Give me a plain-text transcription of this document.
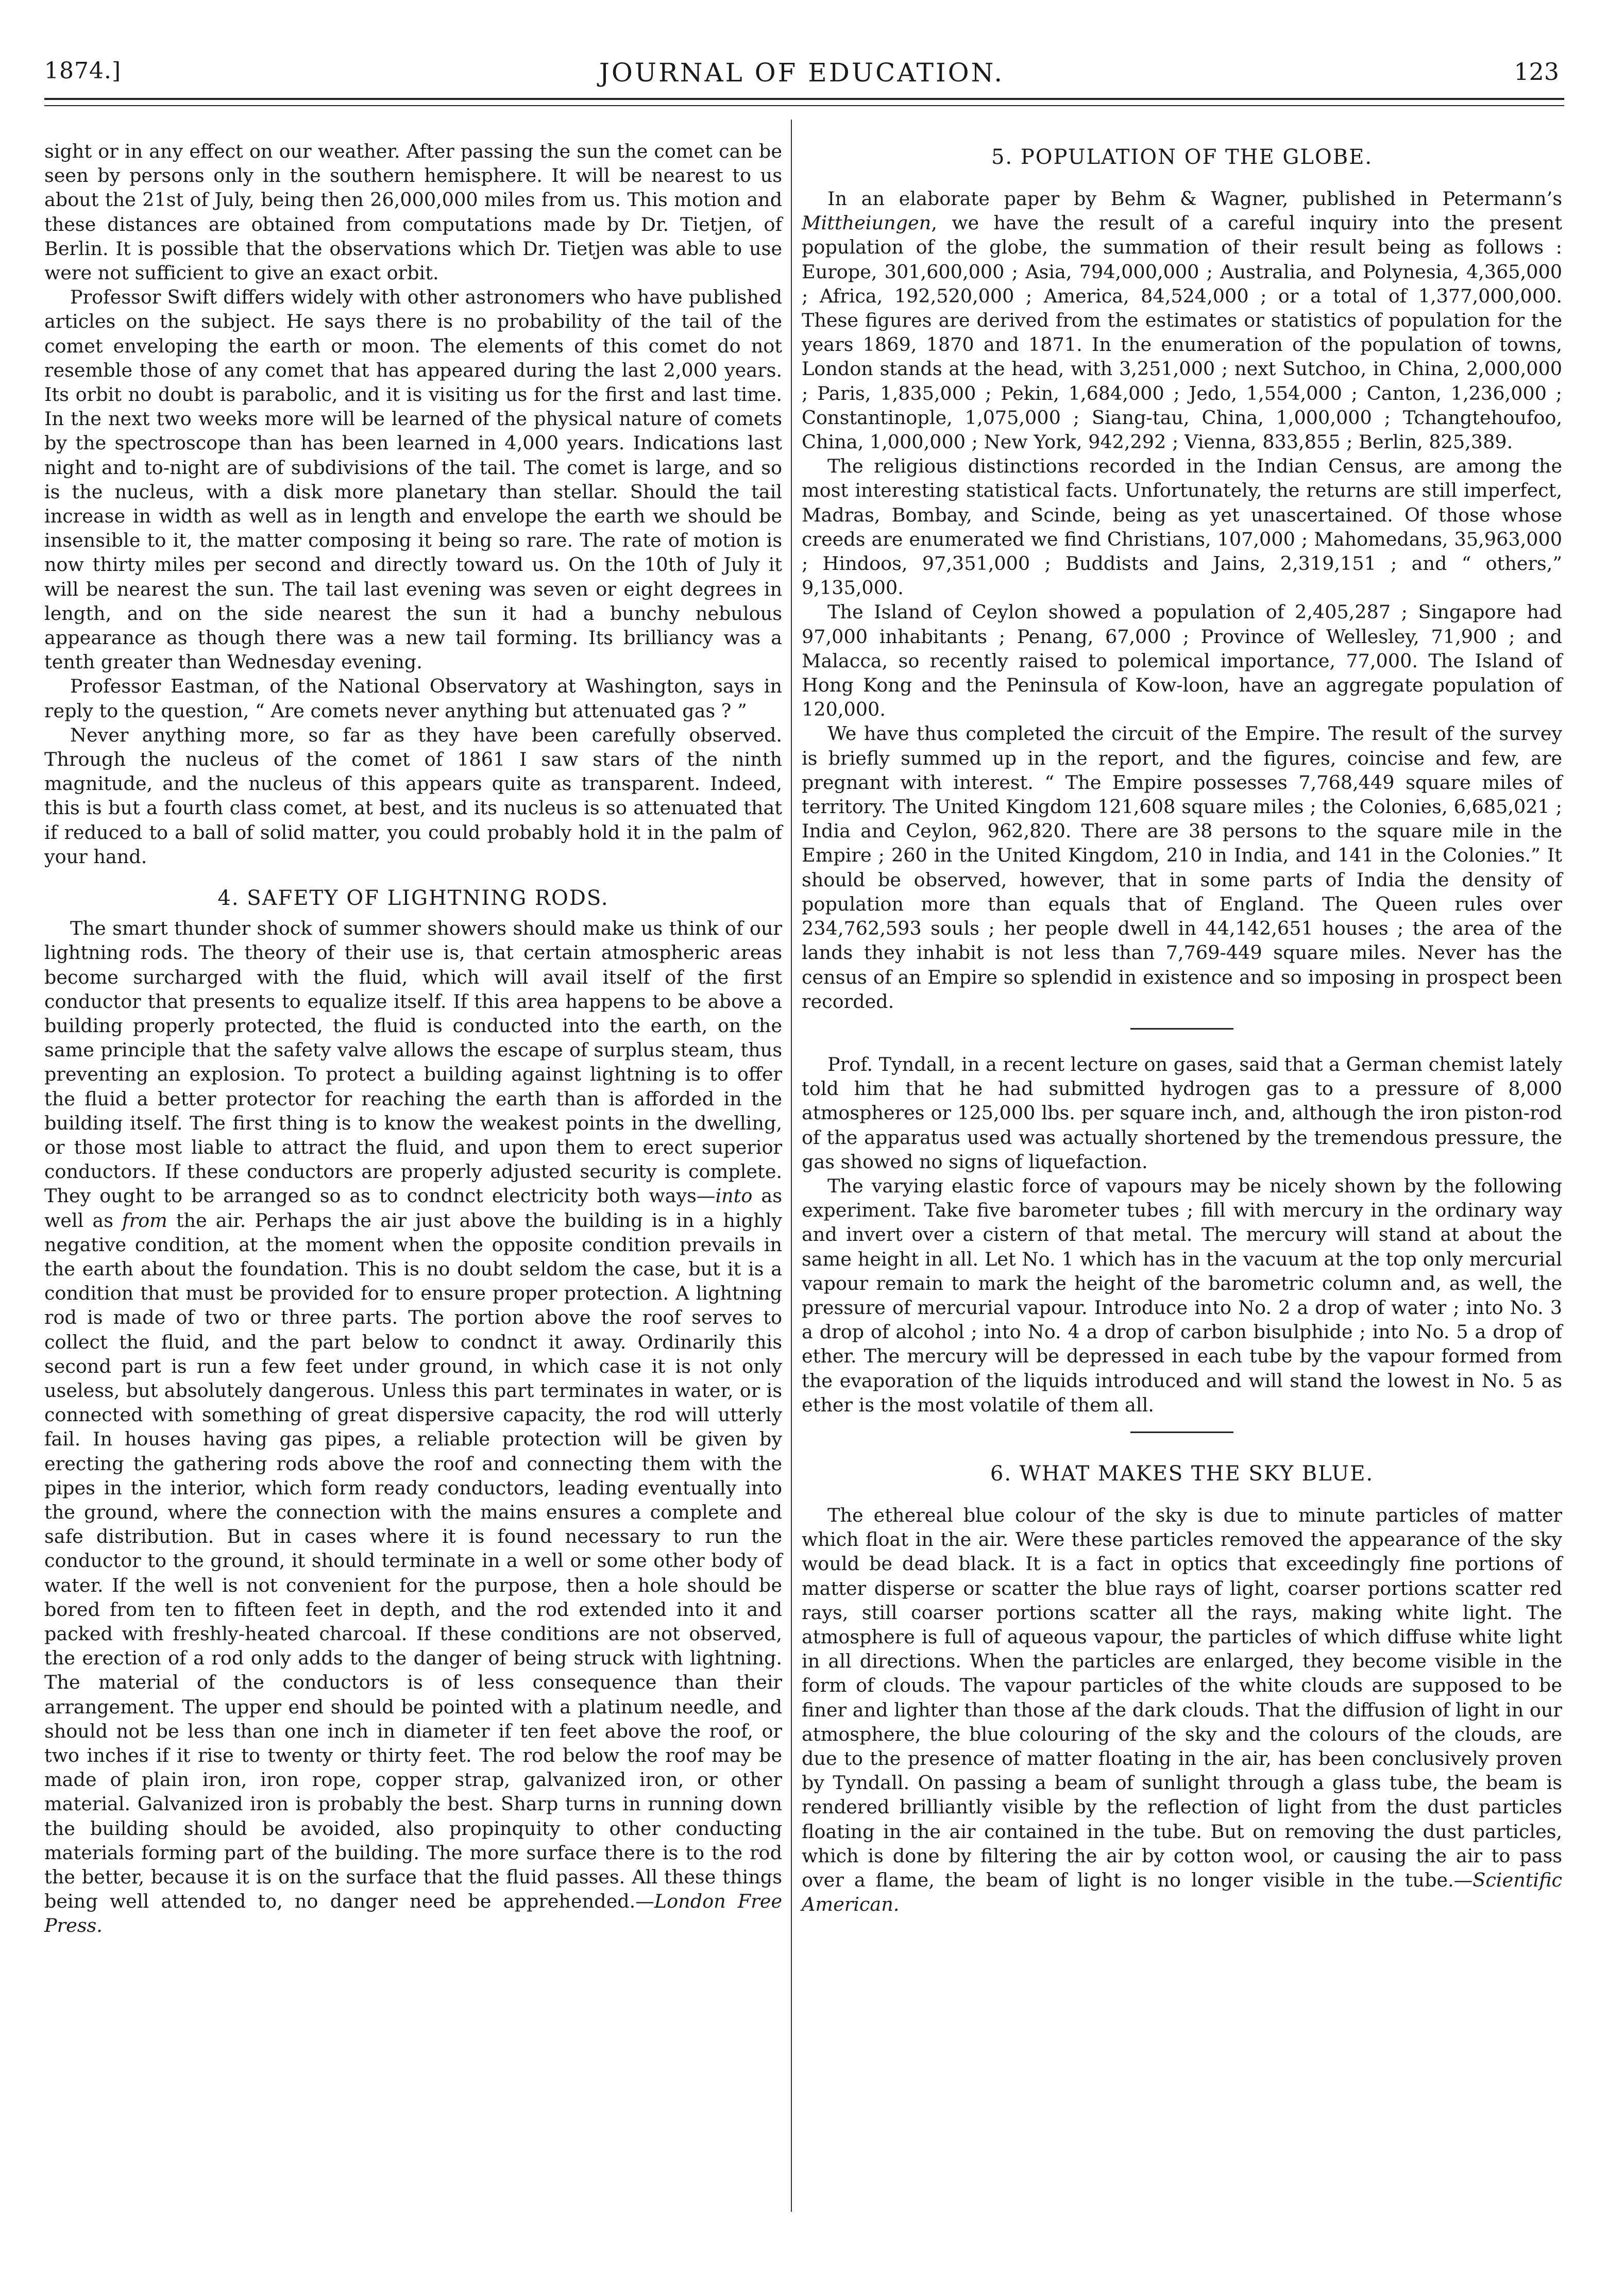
1874.]	JOURNAL OF EDUCATION.	123

sight or in any effect on our weather. After passing the sun the comet can be seen by persons only in the southern hemisphere. It will be nearest to us about the 21st of July, being then 26,000,000 miles from us. This motion and these distances are obtained from computations made by Dr. Tietjen, of Berlin. It is possible that the observations which Dr. Tietjen was able to use were not sufficient to give an exact orbit.

Professor Swift differs widely with other astronomers who have published articles on the subject. He says there is no probability of the tail of the comet enveloping the earth or moon. The elements of this comet do not resemble those of any comet that has appeared during the last 2,000 years. Its orbit no doubt is parabolic, and it is visiting us for the first and last time. In the next two weeks more will be learned of the physical nature of comets by the spectroscope than has been learned in 4,000 years. Indications last night and to-night are of subdivisions of the tail. The comet is large, and so is the nucleus, with a disk more planetary than stellar. Should the tail increase in width as well as in length and envelope the earth we should be insensible to it, the matter composing it being so rare. The rate of motion is now thirty miles per second and directly toward us. On the 10th of July it will be nearest the sun. The tail last evening was seven or eight degrees in length, and on the side nearest the sun it had a bunchy nebulous appearance as though there was a new tail forming. Its brilliancy was a tenth greater than Wednesday evening.

Professor Eastman, of the National Observatory at Washington, says in reply to the question, “ Are comets never anything but attenuated gas ? ”

Never anything more, so far as they have been carefully observed. Through the nucleus of the comet of 1861 I saw stars of the ninth magnitude, and the nucleus of this appears quite as transparent. Indeed, this is but a fourth class comet, at best, and its nucleus is so attenuated that if reduced to a ball of solid matter, you could probably hold it in the palm of your hand.

4. SAFETY OF LIGHTNING RODS.

The smart thunder shock of summer showers should make us think of our lightning rods. The theory of their use is, that certain atmospheric areas become surcharged with the fluid, which will avail itself of the first conductor that presents to equalize itself. If this area happens to be above a building properly protected, the fluid is conducted into the earth, on the same principle that the safety valve allows the escape of surplus steam, thus preventing an explosion. To protect a building against lightning is to offer the fluid a better protector for reaching the earth than is afforded in the building itself. The first thing is to know the weakest points in the dwelling, or those most liable to attract the fluid, and upon them to erect superior conductors. If these conductors are properly adjusted security is complete. They ought to be arranged so as to condnct electricity both ways—into as well as from the air. Perhaps the air just above the building is in a highly negative condition, at the moment when the opposite condition prevails in the earth about the foundation. This is no doubt seldom the case, but it is a condition that must be provided for to ensure proper protection. A lightning rod is made of two or three parts. The portion above the roof serves to collect the fluid, and the part below to condnct it away. Ordinarily this second part is run a few feet under ground, in which case it is not only useless, but absolutely dangerous. Unless this part terminates in water, or is connected with something of great dispersive capacity, the rod will utterly fail. In houses having gas pipes, a reliable protection will be given by erecting the gathering rods above the roof and connecting them with the pipes in the interior, which form ready conductors, leading eventually into the ground, where the connection with the mains ensures a complete and safe distribution. But in cases where it is found necessary to run the conductor to the ground, it should terminate in a well or some other body of water. If the well is not convenient for the purpose, then a hole should be bored from ten to fifteen feet in depth, and the rod extended into it and packed with freshly-heated charcoal. If these conditions are not observed, the erection of a rod only adds to the danger of being struck with lightning. The material of the conductors is of less consequence than their arrangement. The upper end should be pointed with a platinum needle, and should not be less than one inch in diameter if ten feet above the roof, or two inches if it rise to twenty or thirty feet. The rod below the roof may be made of plain iron, iron rope, copper strap, galvanized iron, or other material. Galvanized iron is probably the best. Sharp turns in running down the building should be avoided, also propinquity to other conducting materials forming part of the building. The more surface there is to the rod the better, because it is on the surface that the fluid passes. All these things being well attended to, no danger need be apprehended.—London Free Press.

5. POPULATION OF THE GLOBE.

In an elaborate paper by Behm & Wagner, published in Petermann’s Mittheiungen, we have the result of a careful inquiry into the present population of the globe, the summation of their result being as follows : Europe, 301,600,000 ; Asia, 794,000,000 ; Australia, and Polynesia, 4,365,000 ; Africa, 192,520,000 ; America, 84,524,000 ; or a total of 1,377,000,000. These figures are derived from the estimates or statistics of population for the years 1869, 1870 and 1871. In the enumeration of the population of towns, London stands at the head, with 3,251,000 ; next Sutchoo, in China, 2,000,000 ; Paris, 1,835,000 ; Pekin, 1,684,000 ; Jedo, 1,554,000 ; Canton, 1,236,000 ; Constantinople, 1,075,000 ; Siang-tau, China, 1,000,000 ; Tchangtehoufoo, China, 1,000,000 ; New York, 942,292 ; Vienna, 833,855 ; Berlin, 825,389.

The religious distinctions recorded in the Indian Census, are among the most interesting statistical facts. Unfortunately, the returns are still imperfect, Madras, Bombay, and Scinde, being as yet unascertained. Of those whose creeds are enumerated we find Christians, 107,000 ; Mahomedans, 35,963,000 ; Hindoos, 97,351,000 ; Buddists and Jains, 2,319,151 ; and “ others,” 9,135,000.

The Island of Ceylon showed a population of 2,405,287 ; Singapore had 97,000 inhabitants ; Penang, 67,000 ; Province of Wellesley, 71,900 ; and Malacca, so recently raised to polemical importance, 77,000. The Island of Hong Kong and the Peninsula of Kow-loon, have an aggregate population of 120,000.

We have thus completed the circuit of the Empire. The result of the survey is briefly summed up in the report, and the figures, coincise and few, are pregnant with interest. “ The Empire possesses 7,768,449 square miles of territory. The United Kingdom 121,608 square miles ; the Colonies, 6,685,021 ; India and Ceylon, 962,820. There are 38 persons to the square mile in the Empire ; 260 in the United Kingdom, 210 in India, and 141 in the Colonies.” It should be observed, however, that in some parts of India the density of population more than equals that of England. The Queen rules over 234,762,593 souls ; her people dwell in 44,142,651 houses ; the area of the lands they inhabit is not less than 7,769-449 square miles. Never has the census of an Empire so splendid in existence and so imposing in prospect been recorded.

Prof. Tyndall, in a recent lecture on gases, said that a German chemist lately told him that he had submitted hydrogen gas to a pressure of 8,000 atmospheres or 125,000 lbs. per square inch, and, although the iron piston-rod of the apparatus used was actually shortened by the tremendous pressure, the gas showed no signs of liquefaction.

The varying elastic force of vapours may be nicely shown by the following experiment. Take five barometer tubes ; fill with mercury in the ordinary way and invert over a cistern of that metal. The mercury will stand at about the same height in all. Let No. 1 which has in the vacuum at the top only mercurial vapour remain to mark the height of the barometric column and, as well, the pressure of mercurial vapour. Introduce into No. 2 a drop of water ; into No. 3 a drop of alcohol ; into No. 4 a drop of carbon bisulphide ; into No. 5 a drop of ether. The mercury will be depressed in each tube by the vapour formed from the evaporation of the liquids introduced and will stand the lowest in No. 5 as ether is the most volatile of them all.

6. WHAT MAKES THE SKY BLUE.

The ethereal blue colour of the sky is due to minute particles of matter which float in the air. Were these particles removed the appearance of the sky would be dead black. It is a fact in optics that exceedingly fine portions of matter disperse or scatter the blue rays of light, coarser portions scatter red rays, still coarser portions scatter all the rays, making white light. The atmosphere is full of aqueous vapour, the particles of which diffuse white light in all directions. When the particles are enlarged, they become visible in the form of clouds. The vapour particles of the white clouds are supposed to be finer and lighter than those af the dark clouds. That the diffusion of light in our atmosphere, the blue colouring of the sky and the colours of the clouds, are due to the presence of matter floating in the air, has been conclusively proven by Tyndall. On passing a beam of sunlight through a glass tube, the beam is rendered brilliantly visible by the reflection of light from the dust particles floating in the air contained in the tube. But on removing the dust particles, which is done by filtering the air by cotton wool, or causing the air to pass over a flame, the beam of light is no longer visible in the tube.—Scientific American.
